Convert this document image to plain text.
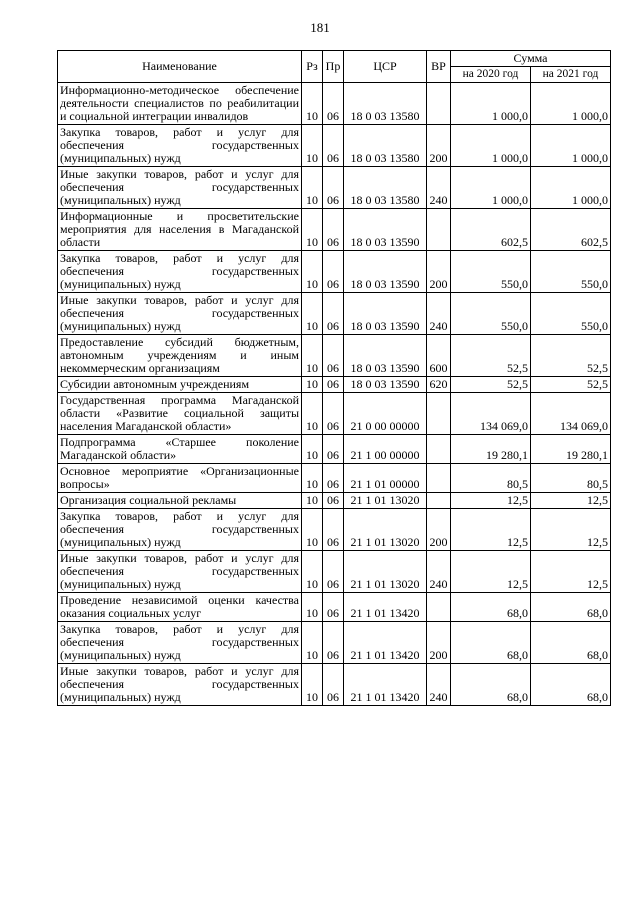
181
Наименование	Рз	Пр	ЦСР	ВР	Сумма	
					на 2020 год	на 2021 год
Информационно-методическое обеспечение деятельности специалистов по реабилитации и социальной интеграции инвалидов	10	06	18 0 03 13580		1 000,0	1 000,0
Закупка товаров, работ и услуг для обеспечения государственных (муниципальных) нужд	10	06	18 0 03 13580	200	1 000,0	1 000,0
Иные закупки товаров, работ и услуг для обеспечения государственных (муниципальных) нужд	10	06	18 0 03 13580	240	1 000,0	1 000,0
Информационные и просветительские мероприятия для населения в Магаданской области	10	06	18 0 03 13590		602,5	602,5
Закупка товаров, работ и услуг для обеспечения государственных (муниципальных) нужд	10	06	18 0 03 13590	200	550,0	550,0
Иные закупки товаров, работ и услуг для обеспечения государственных (муниципальных) нужд	10	06	18 0 03 13590	240	550,0	550,0
Предоставление субсидий бюджетным, автономным учреждениям и иным некоммерческим организациям	10	06	18 0 03 13590	600	52,5	52,5
Субсидии автономным учреждениям	10	06	18 0 03 13590	620	52,5	52,5
Государственная программа Магаданской области «Развитие социальной защиты населения Магаданской области»	10	06	21 0 00 00000		134 069,0	134 069,0
Подпрограмма «Старшее поколение Магаданской области»	10	06	21 1 00 00000		19 280,1	19 280,1
Основное мероприятие «Организационные вопросы»	10	06	21 1 01 00000		80,5	80,5
Организация социальной рекламы	10	06	21 1 01 13020		12,5	12,5
Закупка товаров, работ и услуг для обеспечения государственных (муниципальных) нужд	10	06	21 1 01 13020	200	12,5	12,5
Иные закупки товаров, работ и услуг для обеспечения государственных (муниципальных) нужд	10	06	21 1 01 13020	240	12,5	12,5
Проведение независимой оценки качества оказания социальных услуг	10	06	21 1 01 13420		68,0	68,0
Закупка товаров, работ и услуг для обеспечения государственных (муниципальных) нужд	10	06	21 1 01 13420	200	68,0	68,0
Иные закупки товаров, работ и услуг для обеспечения государственных (муниципальных) нужд	10	06	21 1 01 13420	240	68,0	68,0
